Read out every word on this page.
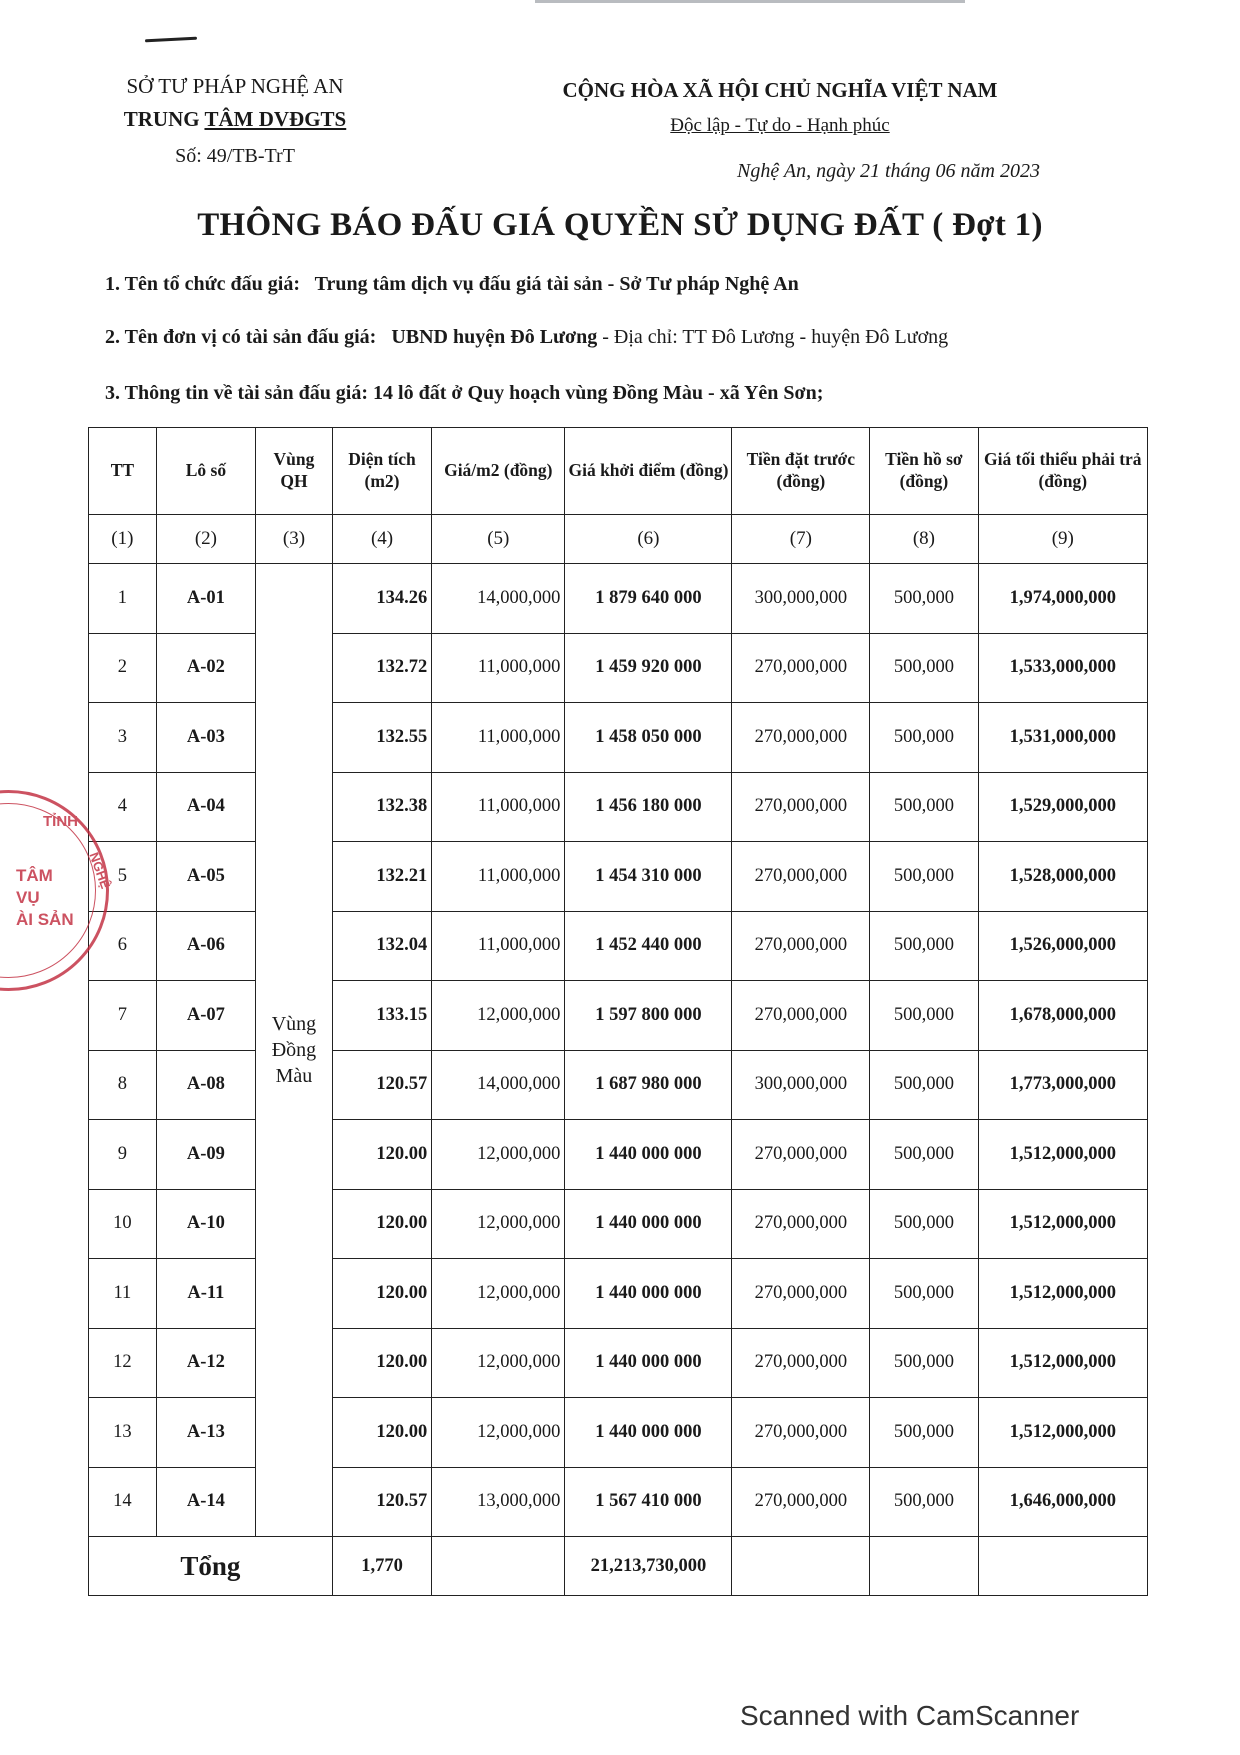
SỞ TƯ PHÁP NGHỆ AN
TRUNG TÂM DVĐGTS
Số: 49/TB-TrT
CỘNG HÒA XÃ HỘI CHỦ NGHĨA VIỆT NAM
Độc lập - Tự do - Hạnh phúc
Nghệ An, ngày 21 tháng 06 năm 2023
THÔNG BÁO ĐẤU GIÁ QUYỀN SỬ DỤNG ĐẤT ( Đợt 1)
1. Tên tổ chức đấu giá: Trung tâm dịch vụ đấu giá tài sản - Sở Tư pháp Nghệ An
2. Tên đơn vị có tài sản đấu giá: UBND huyện Đô Lương - Địa chỉ: TT Đô Lương - huyện Đô Lương
3. Thông tin về tài sản đấu giá: 14 lô đất ở Quy hoạch vùng Đồng Màu - xã Yên Sơn;
TT	Lô số	Vùng QH	Diện tích (m2)	Giá/m2 (đồng)	Giá khởi điểm (đồng)	Tiền đặt trước (đồng)	Tiền hồ sơ (đồng)	Giá tối thiểu phải trả (đồng)
(1)	(2)	(3)	(4)	(5)	(6)	(7)	(8)	(9)
1	A-01	Vùng Đồng Màu	134.26	14,000,000	1 879 640 000	300,000,000	500,000	1,974,000,000
2	A-02		132.72	11,000,000	1 459 920 000	270,000,000	500,000	1,533,000,000
3	A-03		132.55	11,000,000	1 458 050 000	270,000,000	500,000	1,531,000,000
4	A-04		132.38	11,000,000	1 456 180 000	270,000,000	500,000	1,529,000,000
5	A-05		132.21	11,000,000	1 454 310 000	270,000,000	500,000	1,528,000,000
6	A-06		132.04	11,000,000	1 452 440 000	270,000,000	500,000	1,526,000,000
7	A-07		133.15	12,000,000	1 597 800 000	270,000,000	500,000	1,678,000,000
8	A-08		120.57	14,000,000	1 687 980 000	300,000,000	500,000	1,773,000,000
9	A-09		120.00	12,000,000	1 440 000 000	270,000,000	500,000	1,512,000,000
10	A-10		120.00	12,000,000	1 440 000 000	270,000,000	500,000	1,512,000,000
11	A-11		120.00	12,000,000	1 440 000 000	270,000,000	500,000	1,512,000,000
12	A-12		120.00	12,000,000	1 440 000 000	270,000,000	500,000	1,512,000,000
13	A-13		120.00	12,000,000	1 440 000 000	270,000,000	500,000	1,512,000,000
14	A-14		120.57	13,000,000	1 567 410 000	270,000,000	500,000	1,646,000,000
Tổng			1,770		21,213,730,000			
TỈNH
TÂM
VỤ
ÀI SẢN
NGHỆ
Scanned with CamScanner
